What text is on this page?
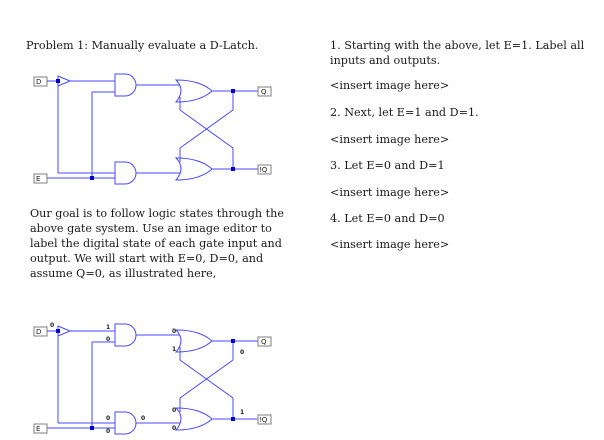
Problem 1: Manually evaluate a D-Latch.
D
E
Q
!Q
Our goal is to follow logic states through the
above gate system. Use an image editor to
label the digital state of each gate input and
output. We will start with E=0, D=0, and
assume Q=0, as illustrated here,
D
E
Q
!Q
0	1
0
0
1	0
0
0
0
0
0
1
1. Starting with the above, let E=1. Label all
inputs and outputs.
<insert image here>
2. Next, let E=1 and D=1.
<insert image here>
3. Let E=0 and D=1
<insert image here>
4. Let E=0 and D=0
<insert image here>
